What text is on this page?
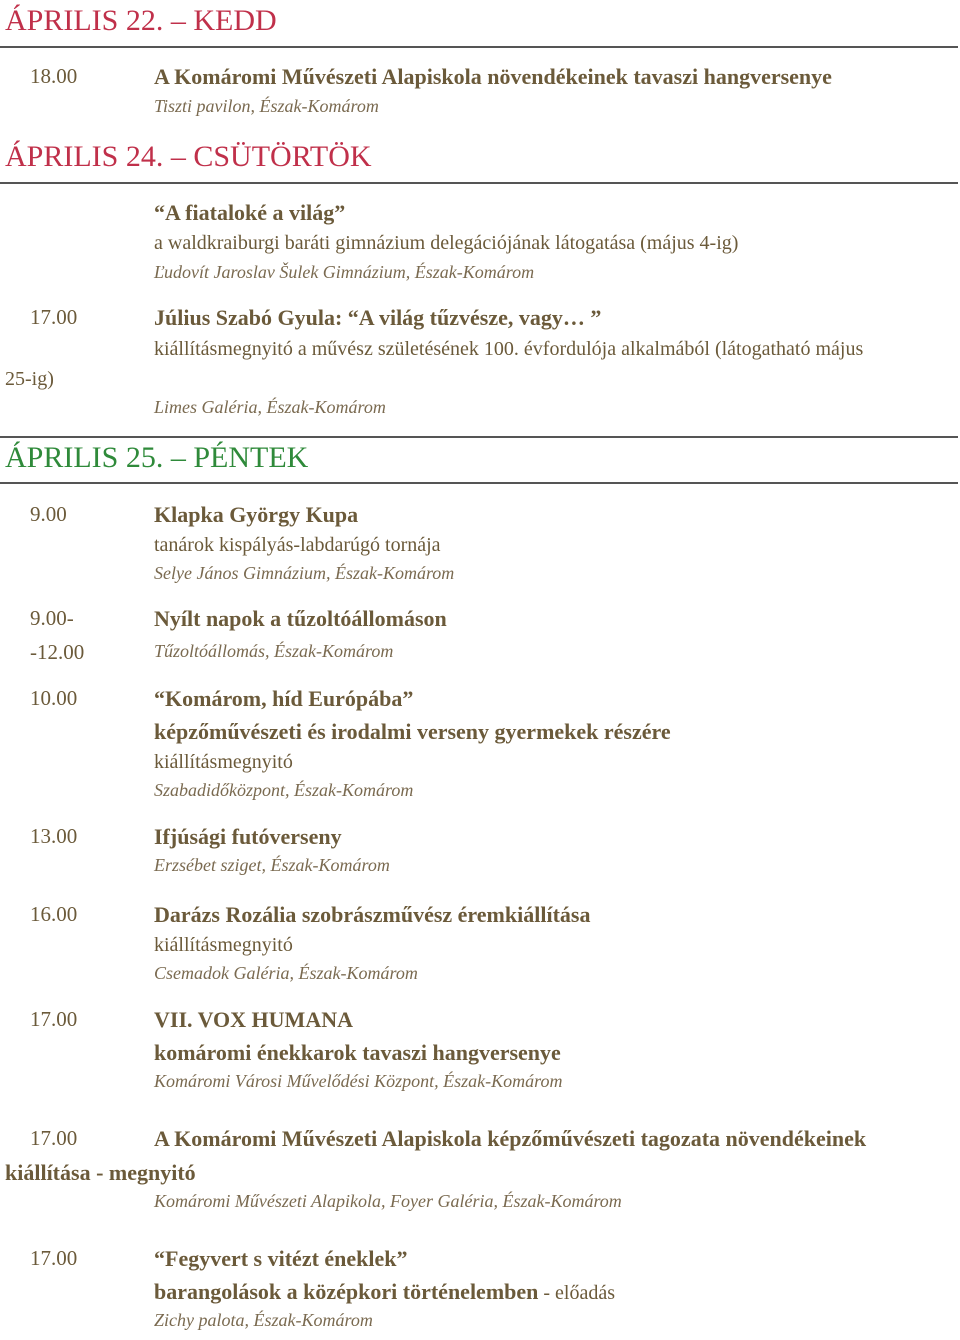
ÁPRILIS 22. – KEDD
18.00	A Komáromi Művészeti Alapiskola növendékeinek tavaszi hangversenye
Tiszti pavilon, Észak-Komárom
ÁPRILIS 24. – CSÜTÖRTÖK
“A fiataloké a világ”
a waldkraiburgi baráti gimnázium delegációjának látogatása (május 4-ig)
Ľudovít Jaroslav Šulek Gimnázium, Észak-Komárom
17.00	Július Szabó Gyula: “A világ tűzvésze, vagy… ”
kiállításmegnyitó a művész születésének 100. évfordulója alkalmából (látogatható május
25-ig)
Limes Galéria, Észak-Komárom
ÁPRILIS 25. – PÉNTEK
9.00	Klapka György Kupa
tanárok kispályás-labdarúgó tornája
Selye János Gimnázium, Észak-Komárom
9.00-	Nyílt napok a tűzoltóállomáson
-12.00	Tűzoltóállomás, Észak-Komárom
10.00	“Komárom, híd Európába”
képzőművészeti és irodalmi verseny gyermekek részére
kiállításmegnyitó
Szabadidőközpont, Észak-Komárom
13.00	Ifjúsági futóverseny
Erzsébet sziget, Észak-Komárom
16.00	Darázs Rozália szobrászművész éremkiállítása
kiállításmegnyitó
Csemadok Galéria, Észak-Komárom
17.00	VII. VOX HUMANA
komáromi énekkarok tavaszi hangversenye
Komáromi Városi Művelődési Központ, Észak-Komárom
17.00	A Komáromi Művészeti Alapiskola képzőművészeti tagozata növendékeinek
kiállítása - megnyitó
Komáromi Művészeti Alapikola, Foyer Galéria, Észak-Komárom
17.00	“Fegyvert s vitézt éneklek”
barangolások a középkori történelemben - előadás
Zichy palota, Észak-Komárom
